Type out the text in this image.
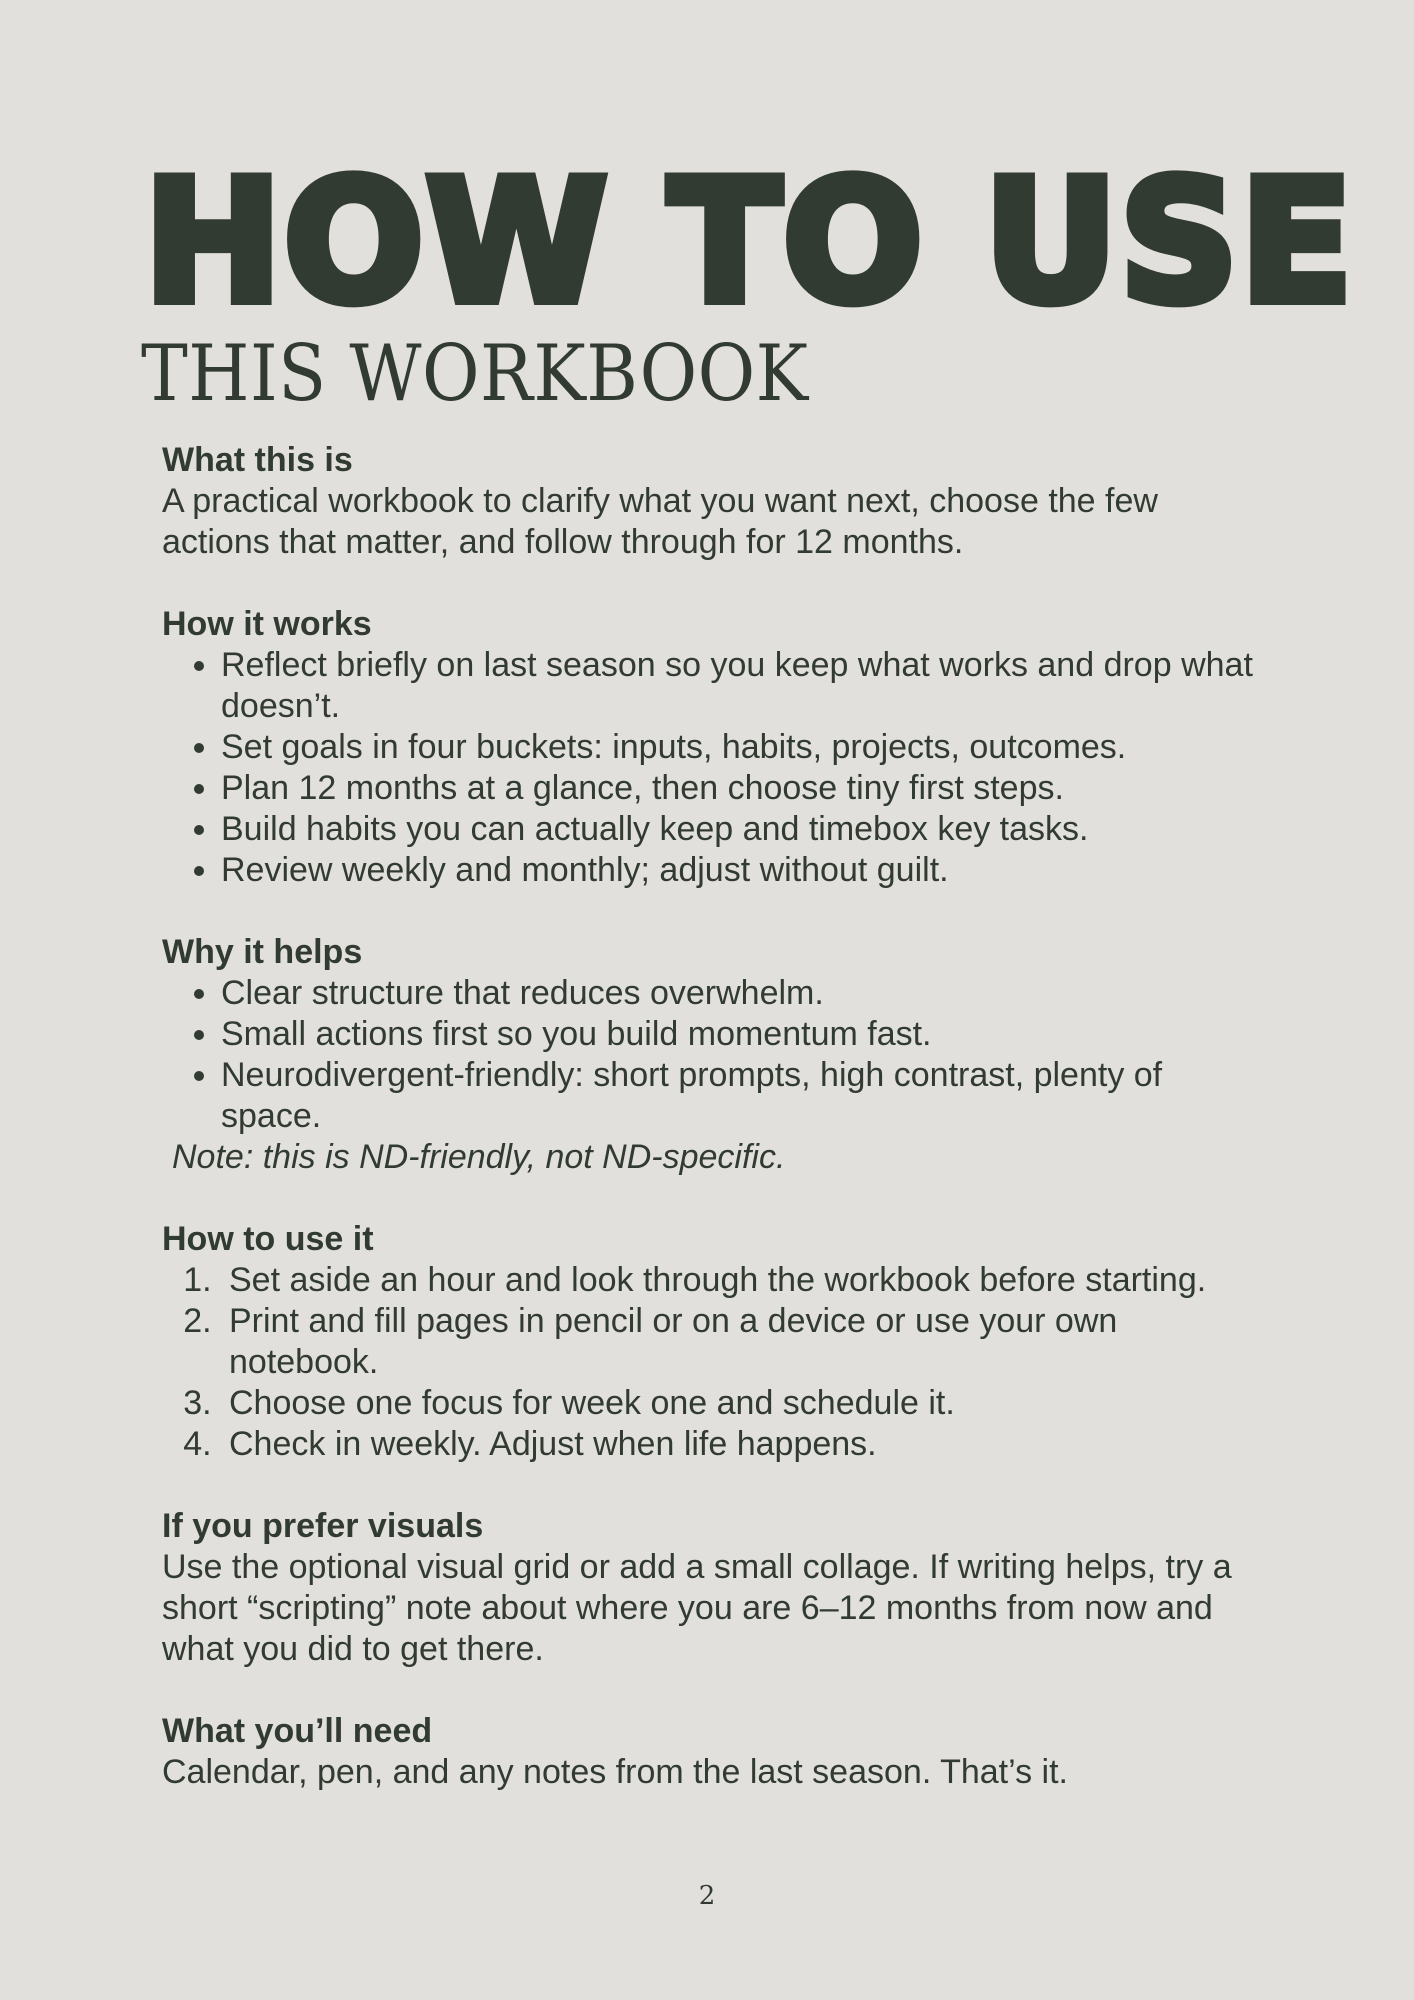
HOW TO USE
THIS WORKBOOK
What this is

A practical workbook to clarify what you want next, choose the few actions that matter, and follow through for 12 months.

How it works
• Reflect briefly on last season so you keep what works and drop what doesn’t.
• Set goals in four buckets: inputs, habits, projects, outcomes.
• Plan 12 months at a glance, then choose tiny first steps.
• Build habits you can actually keep and timebox key tasks.
• Review weekly and monthly; adjust without guilt.
Why it helps
• Clear structure that reduces overwhelm.
• Small actions first so you build momentum fast.
• Neurodivergent-friendly: short prompts, high contrast, plenty of space.

Note: this is ND-friendly, not ND-specific.

How to use it
1. Set aside an hour and look through the workbook before starting.
2. Print and fill pages in pencil or on a device or use your own notebook.
3. Choose one focus for week one and schedule it.
4. Check in weekly. Adjust when life happens.
If you prefer visuals

Use the optional visual grid or add a small collage. If writing helps, try a short “scripting” note about where you are 6–12 months from now and what you did to get there.

What you’ll need

Calendar, pen, and any notes from the last season. That’s it.

2
